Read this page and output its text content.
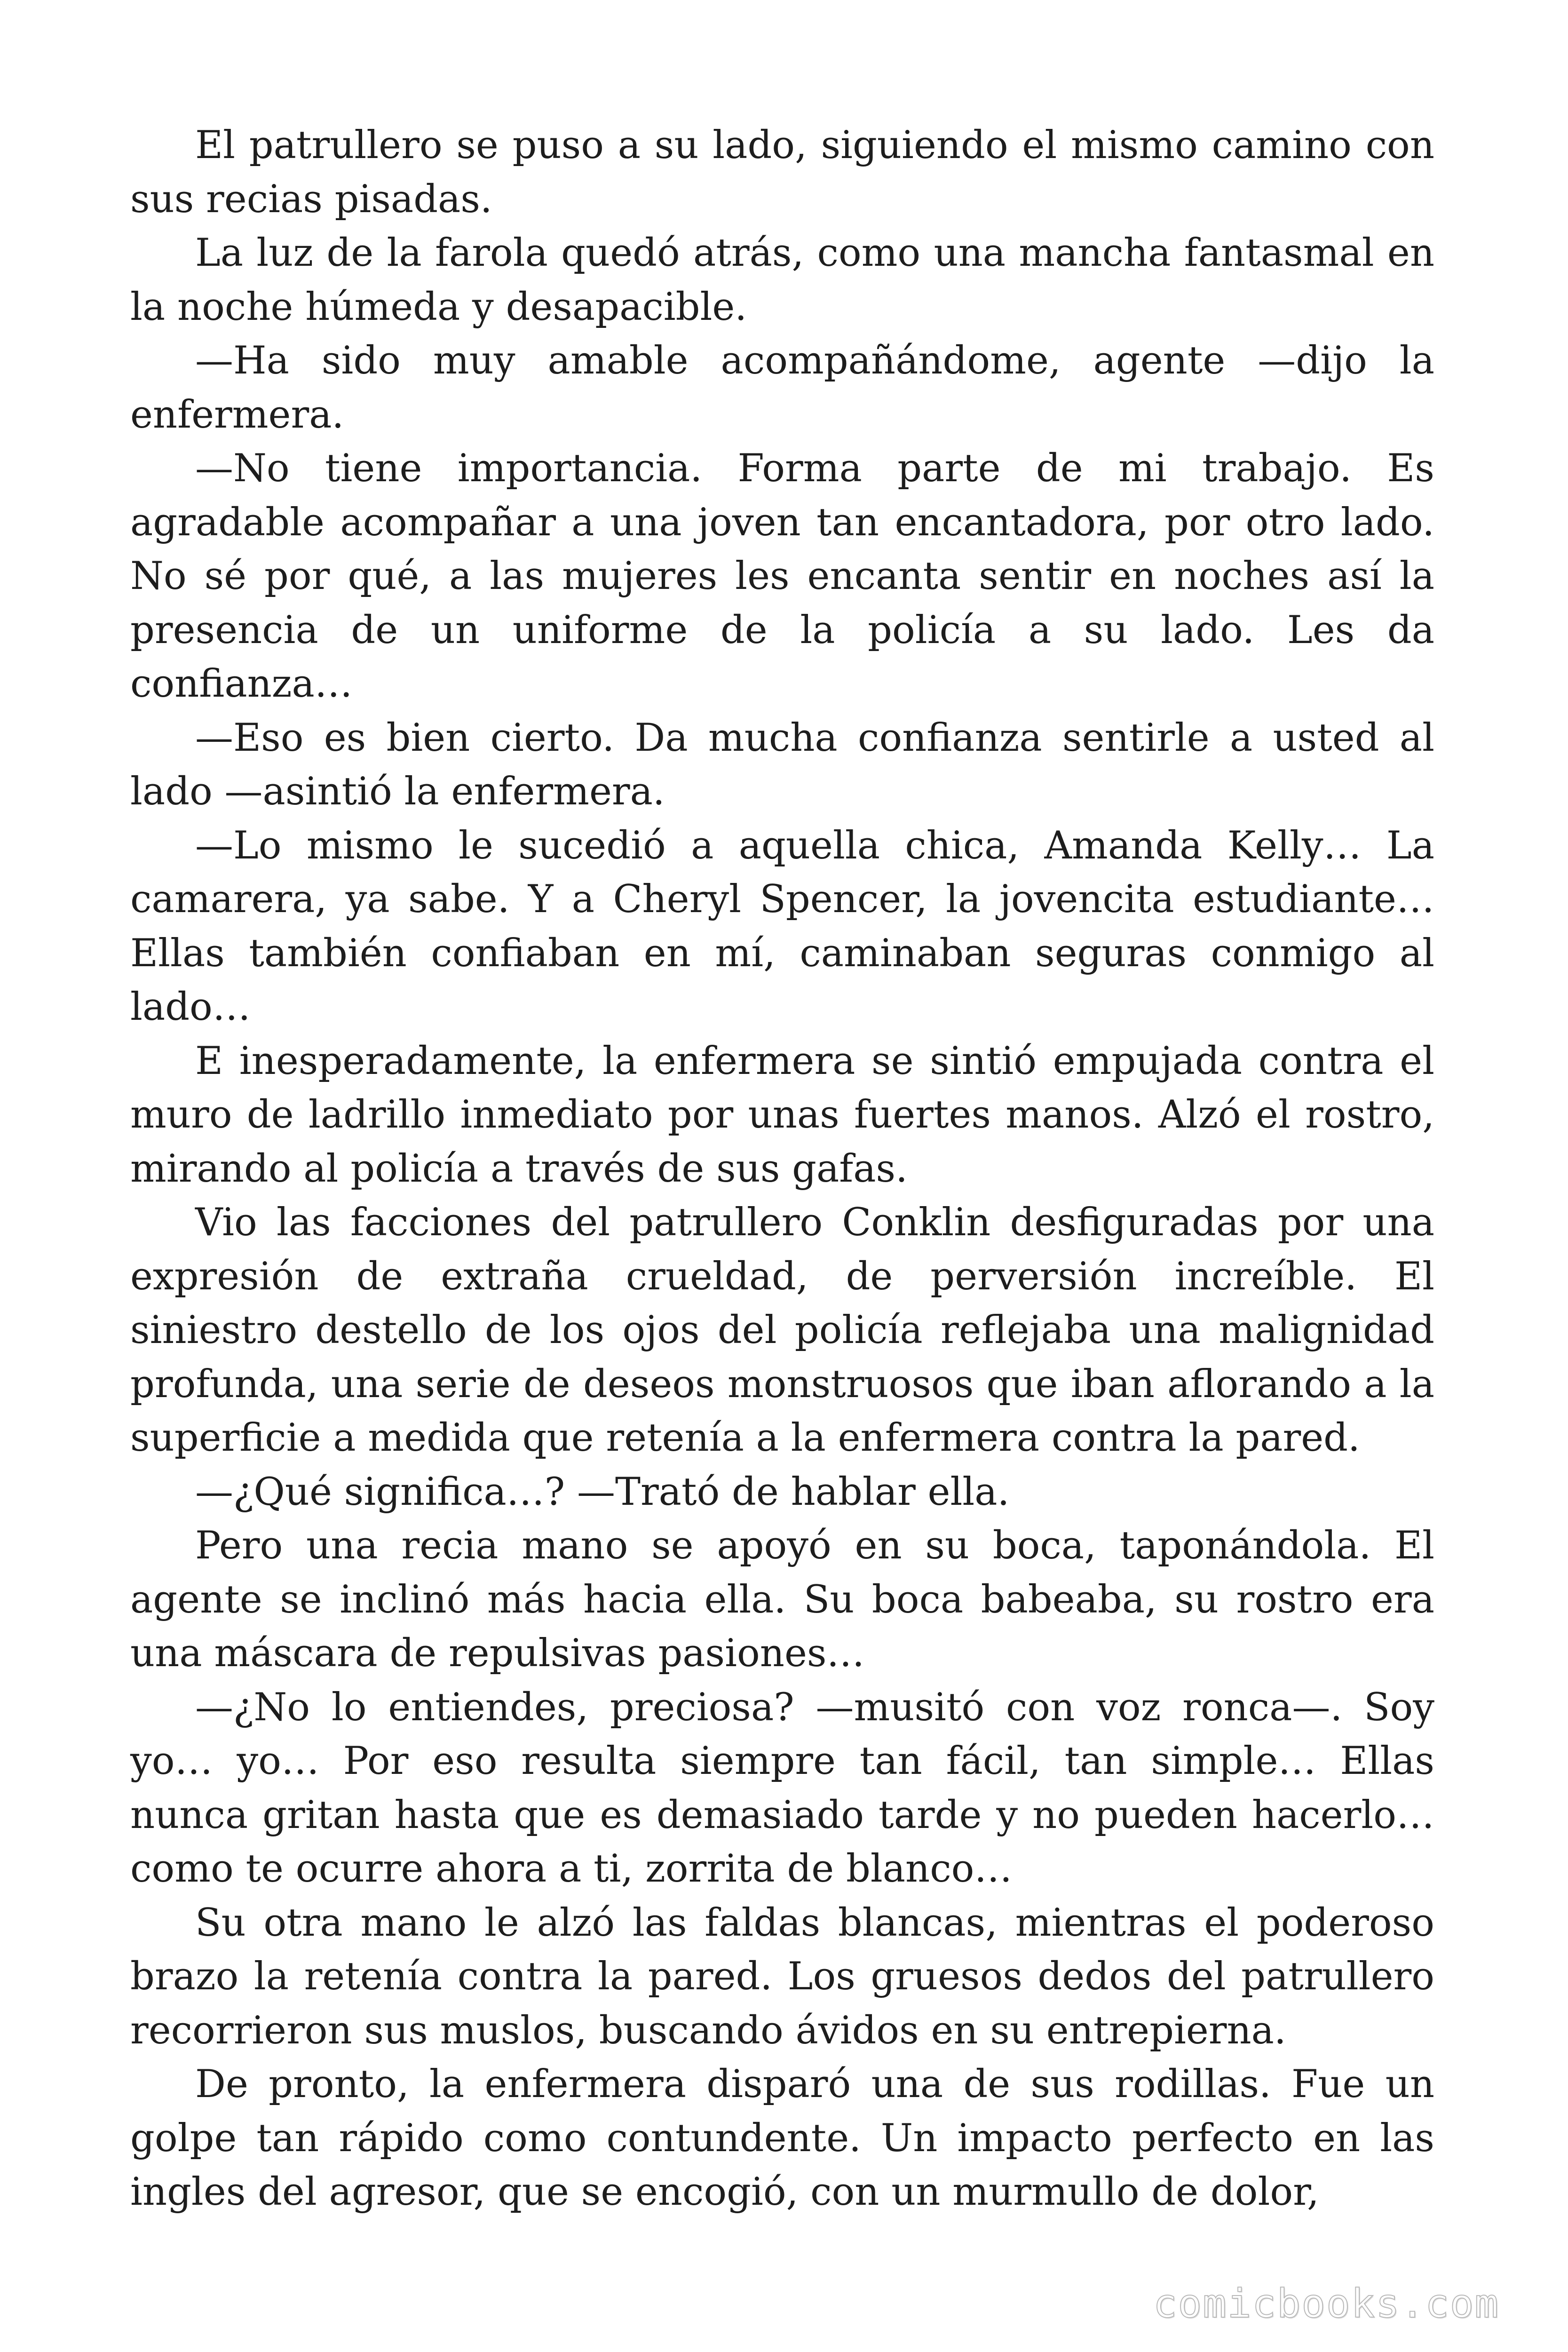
El patrullero se puso a su lado, siguiendo el mismo camino con sus recias pisadas.

La luz de la farola quedó atrás, como una mancha fantasmal en la noche húmeda y desapacible.

—Ha sido muy amable acompañándome, agente —dijo la enfermera.

—No tiene importancia. Forma parte de mi trabajo. Es agradable acompañar a una joven tan encantadora, por otro lado. No sé por qué, a las mujeres les encanta sentir en noches así la presencia de un uniforme de la policía a su lado. Les da confianza…

—Eso es bien cierto. Da mucha confianza sentirle a usted al lado —asintió la enfermera.

—Lo mismo le sucedió a aquella chica, Amanda Kelly… La camarera, ya sabe. Y a Cheryl Spencer, la jovencita estudiante… Ellas también confiaban en mí, caminaban seguras conmigo al lado…

E inesperadamente, la enfermera se sintió empujada contra el muro de ladrillo inmediato por unas fuertes manos. Alzó el rostro, mirando al policía a través de sus gafas.

Vio las facciones del patrullero Conklin desfiguradas por una expresión de extraña crueldad, de perversión increíble. El siniestro destello de los ojos del policía reflejaba una malignidad profunda, una serie de deseos monstruosos que iban aflorando a la superficie a medida que retenía a la enfermera contra la pared.

—¿Qué significa…? —Trató de hablar ella.

Pero una recia mano se apoyó en su boca, taponándola. El agente se inclinó más hacia ella. Su boca babeaba, su rostro era una máscara de repulsivas pasiones…

—¿No lo entiendes, preciosa? —musitó con voz ronca—. Soy yo… yo… Por eso resulta siempre tan fácil, tan simple… Ellas nunca gritan hasta que es demasiado tarde y no pueden hacerlo… como te ocurre ahora a ti, zorrita de blanco…

Su otra mano le alzó las faldas blancas, mientras el poderoso brazo la retenía contra la pared. Los gruesos dedos del patrullero recorrieron sus muslos, buscando ávidos en su entrepierna.

De pronto, la enfermera disparó una de sus rodillas. Fue un golpe tan rápido como contundente. Un impacto perfecto en las ingles del agresor, que se encogió, con un murmullo de dolor,

comicbooks.com
